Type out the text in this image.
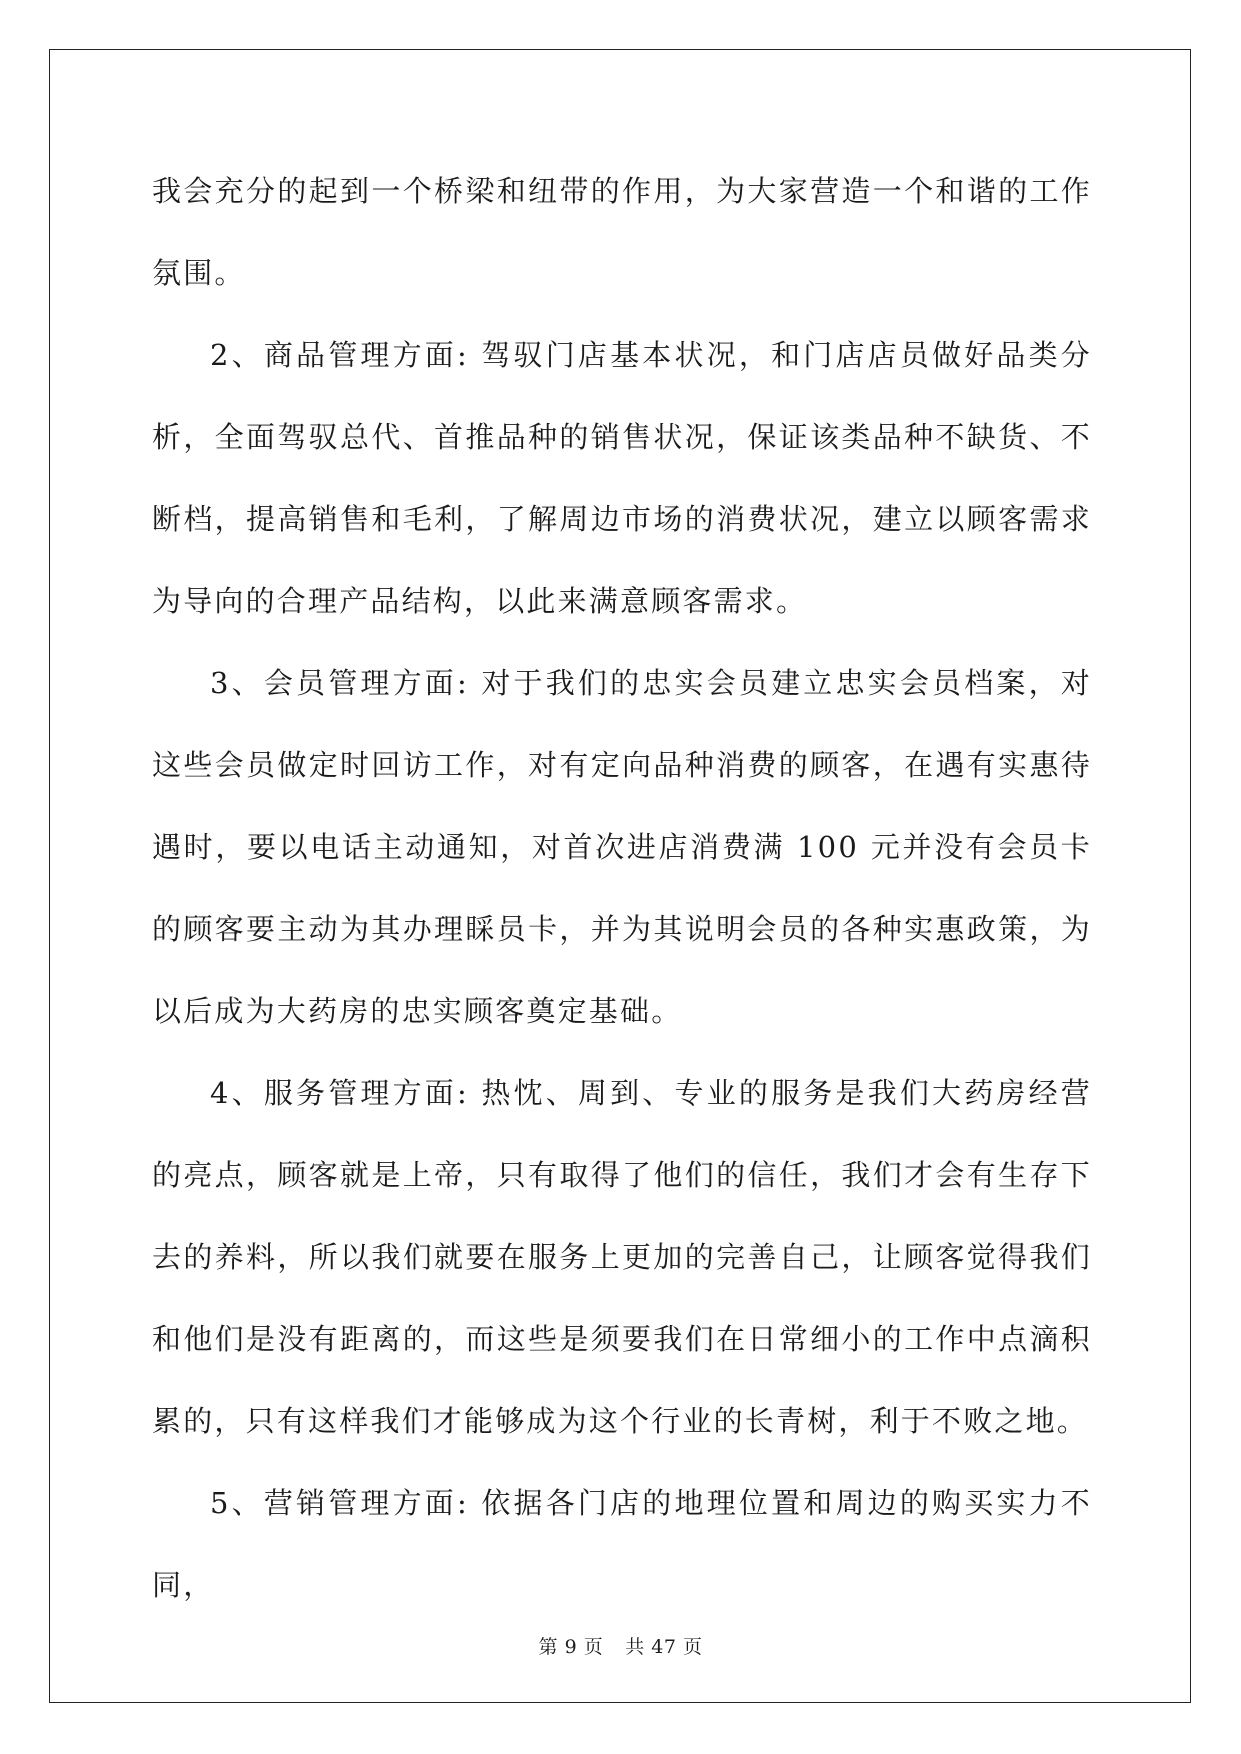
我会充分的起到一个桥梁和纽带的作用，为大家营造一个和谐的工作氛围。

2、商品管理方面: 驾驭门店基本状况，和门店店员做好品类分析，全面驾驭总代、首推品种的销售状况，保证该类品种不缺货、不断档，提高销售和毛利，了解周边市场的消费状况，建立以顾客需求为导向的合理产品结构，以此来满意顾客需求。

3、会员管理方面: 对于我们的忠实会员建立忠实会员档案，对这些会员做定时回访工作，对有定向品种消费的顾客，在遇有实惠待遇时，要以电话主动通知，对首次进店消费满 100 元并没有会员卡的顾客要主动为其办理睬员卡，并为其说明会员的各种实惠政策，为以后成为大药房的忠实顾客奠定基础。

4、服务管理方面: 热忱、周到、专业的服务是我们大药房经营的亮点，顾客就是上帝，只有取得了他们的信任，我们才会有生存下去的养料，所以我们就要在服务上更加的完善自己，让顾客觉得我们和他们是没有距离的，而这些是须要我们在日常细小的工作中点滴积累的，只有这样我们才能够成为这个行业的长青树，利于不败之地。

5、营销管理方面: 依据各门店的地理位置和周边的购买实力不同，

第 9 页 共 47 页
